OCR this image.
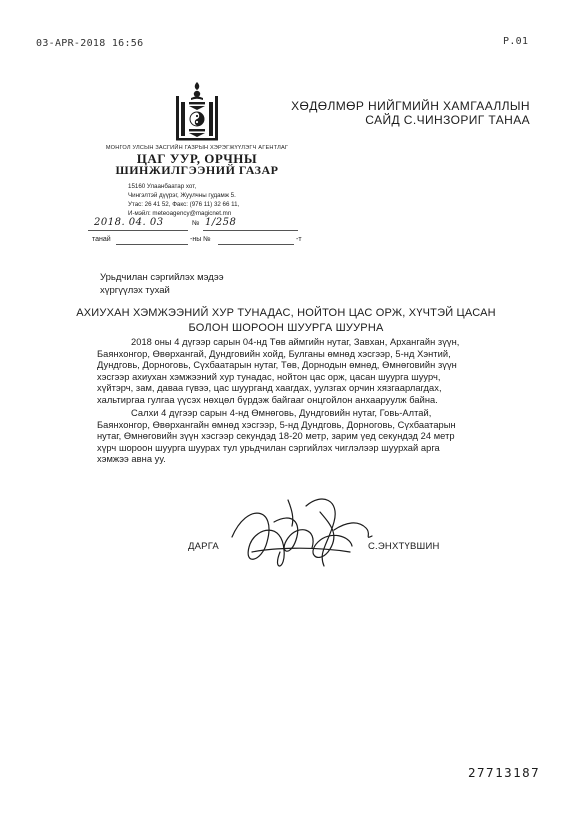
03-APR-2018 16:56	P.01
МОНГОЛ УЛСЫН ЗАСГИЙН ГАЗРЫН ХЭРЭГЖҮҮЛЭГЧ АГЕНТЛАГ
ЦАГ УУР, ОРЧНЫ
ШИНЖИЛГЭЭНИЙ ГАЗАР
15160 Улаанбаатар хот,
Чингэлтэй дүүрэг, Жуулчны гудамж 5.
Утас: 26 41 52, Факс: (976 11) 32 66 11,
И-мэйл: meteoagency@magicnet.mn
2018. 04. 03	№ 1/258
танай	-ны №	-т
ХӨДӨЛМӨР НИЙГМИЙН ХАМГААЛЛЫН
САЙД С.ЧИНЗОРИГ ТАНАА
Урьдчилан сэргийлэх мэдээ
хүргүүлэх тухай
АХИУХАН ХЭМЖЭЭНИЙ ХУР ТУНАДАС, НОЙТОН ЦАС ОРЖ, ХҮЧТЭЙ ЦАСАН
БОЛОН ШОРООН ШУУРГА ШУУРНА
2018 оны 4 дүгээр сарын 04-нд Төв аймгийн нутаг, Завхан, Архангайн зүүн,
Баянхонгор, Өвөрхангай, Дундговийн хойд, Булганы өмнөд хэсгээр, 5-нд Хэнтий,
Дундговь, Дорноговь, Сүхбаатарын нутаг, Төв, Дорнодын өмнөд, Өмнөговийн зүүн
хэсгээр ахиухан хэмжээний хур тунадас, нойтон цас орж, цасан шуурга шуурч,
хүйтэрч, зам, даваа гүвээ, цас шуурганд хаагдах, уулзгах орчин хязгаарлагдах,
хальтиргаа гулгаа үүсэх нөхцөл бүрдэж байгааг онцгойлон анхааруулж байна.
Салхи 4 дүгээр сарын 4-нд Өмнөговь, Дундговийн нутаг, Говь-Алтай,
Баянхонгор, Өвөрхангайн өмнөд хэсгээр, 5-нд Дундговь, Дорноговь, Сүхбаатарын
нутаг, Өмнөговийн зүүн хэсгээр секундэд 18-20 метр, зарим үед секундэд 24 метр
хүрч шороон шуурга шуурах тул урьдчилан сэргийлэх чиглэлээр шуурхай арга
хэмжээ авна уу.
ДАРГА	С.ЭНХТҮВШИН
27713187
